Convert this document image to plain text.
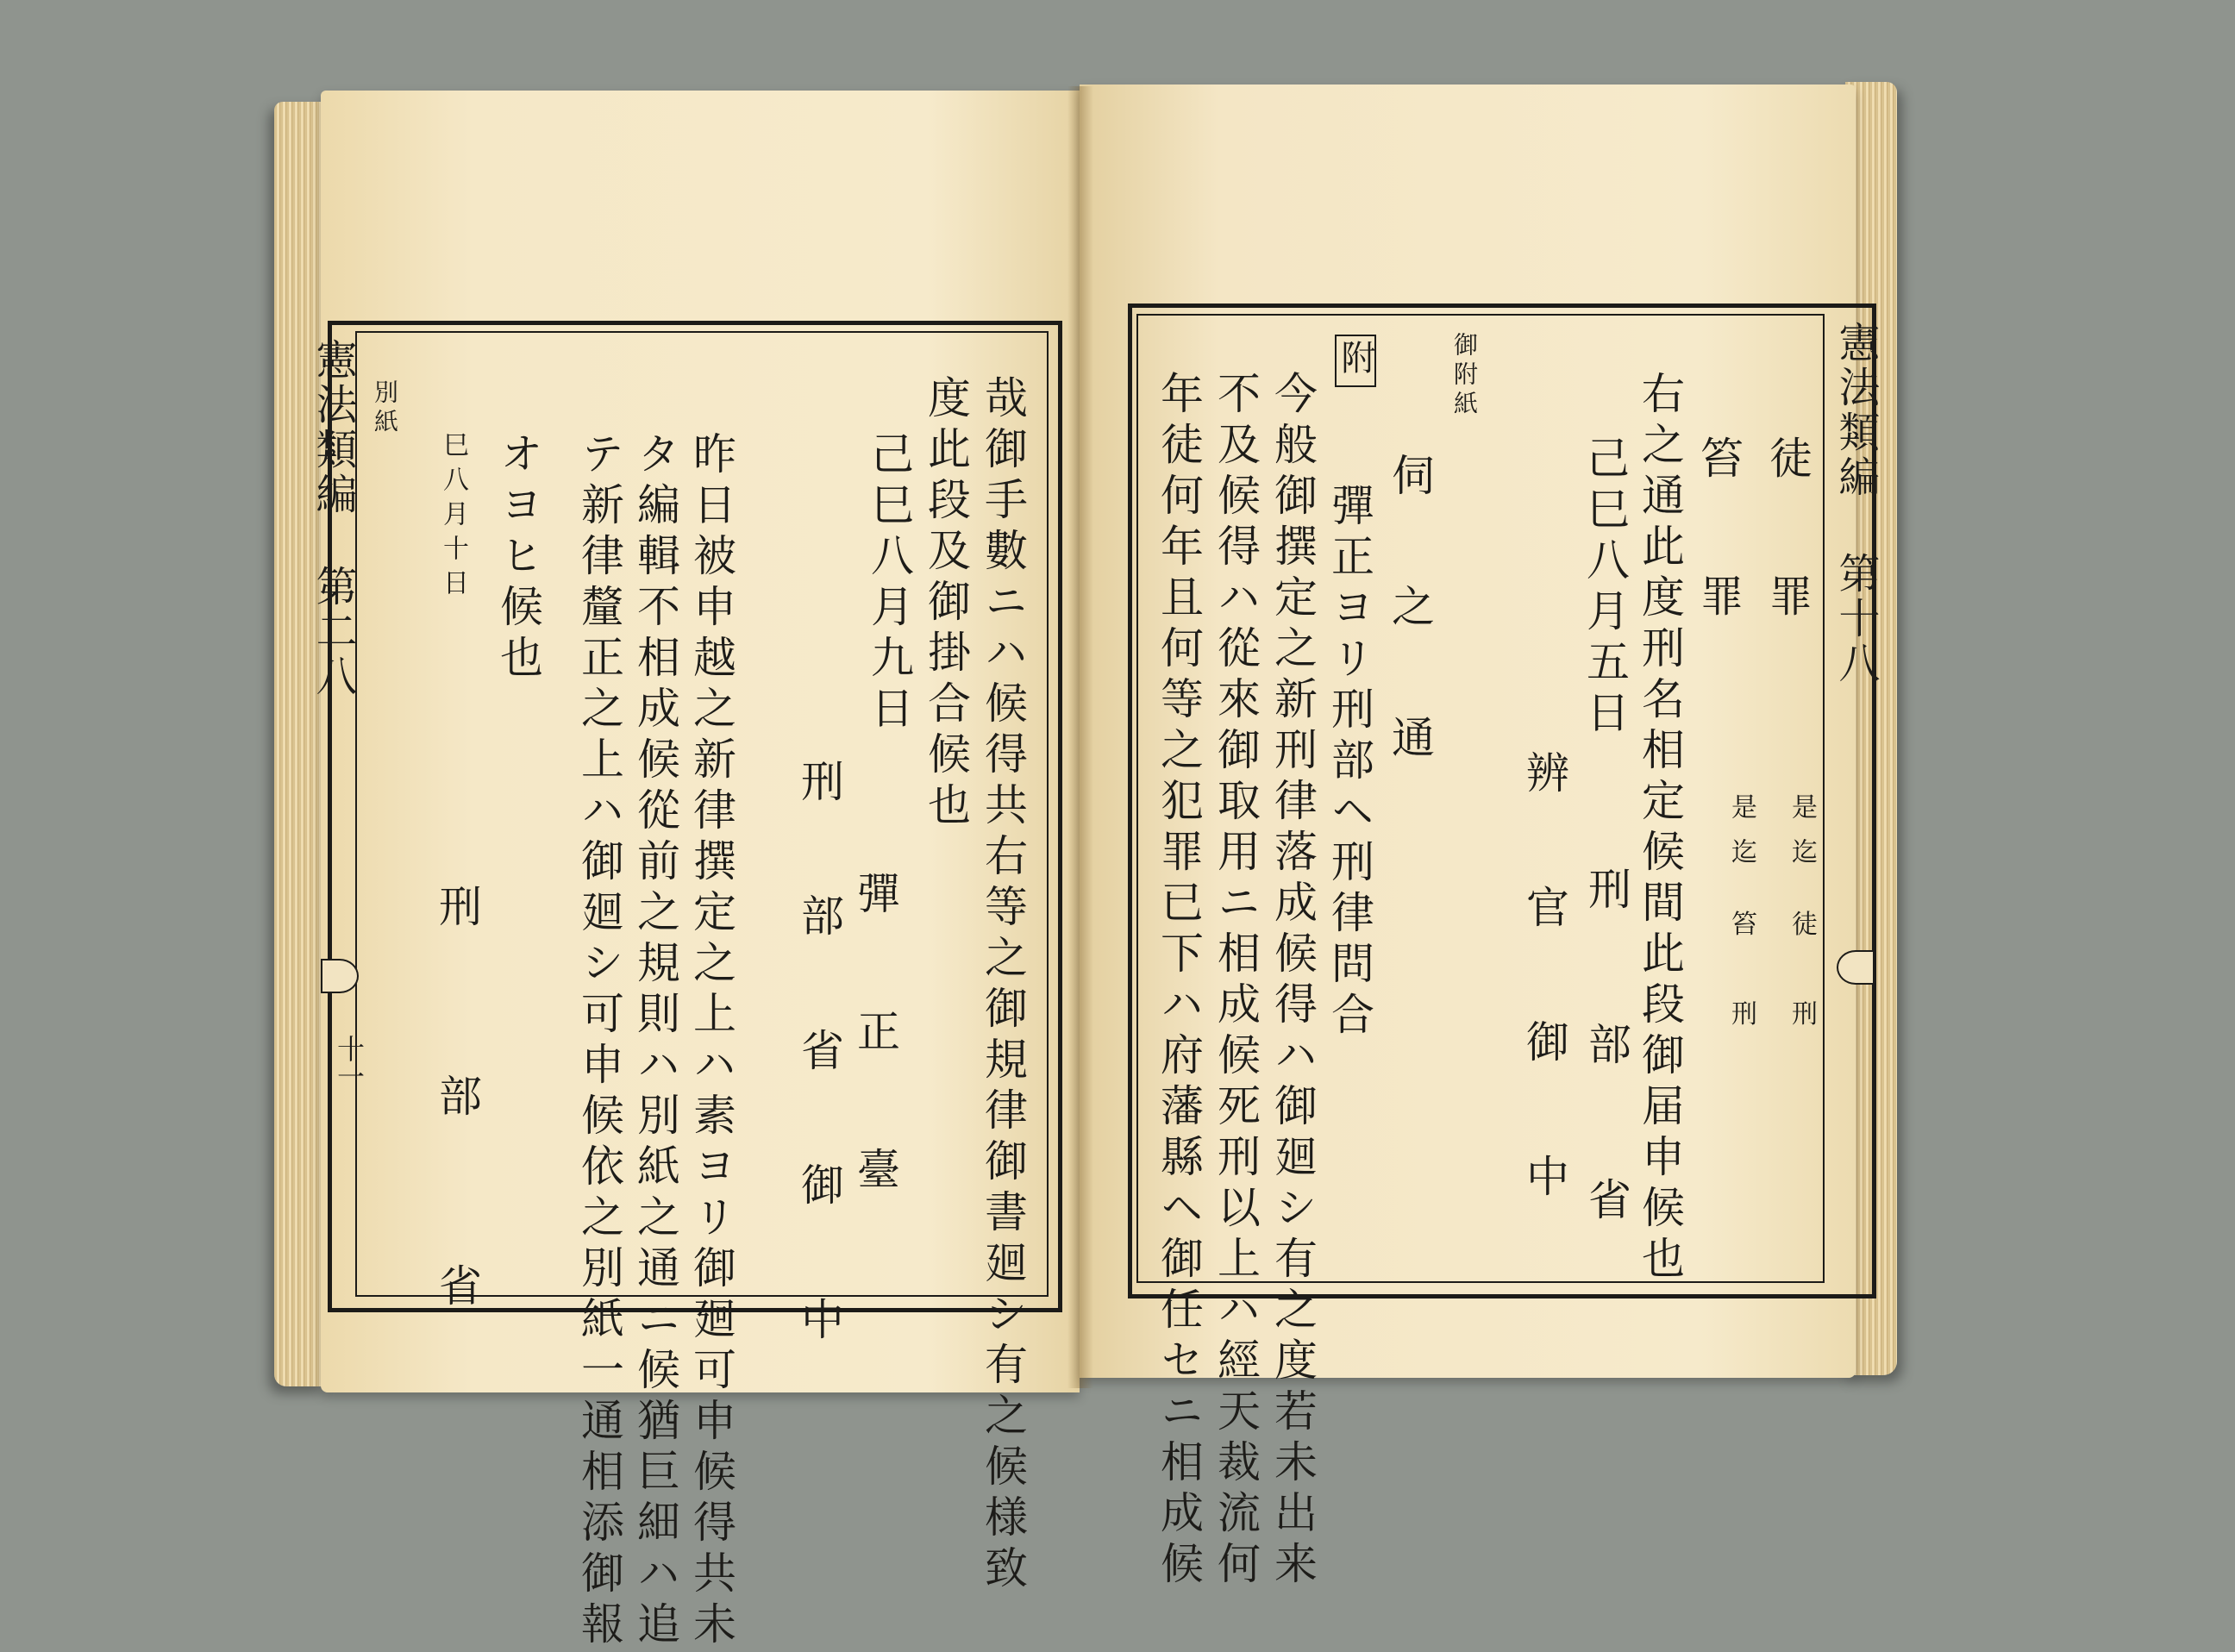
憲法類編
第二八
十一	哉御手數ニハ候得共右等之御規律御書廻シ有之候様致
度此段及御掛合候也
己巳八月九日
彈　正　臺
刑　部　省　御　中
昨日被申越之新律撰定之上ハ素ヨリ御廻可申候得共未
タ編輯不相成候從前之規則ハ別紙之通ニ候猶巨細ハ追
テ新律釐正之上ハ御廻シ可申候依之別紙一通相添御報
オヨヒ候也
巳八月十日
刑　部　省
別紙	憲法類編
第十八
徒　罪
笞　罪
是迄 徒　刑
是迄 笞　刑
右之通此度刑名相定候間此段御届申候也
己巳八月五日
辨　官　御　中 刑　部　省
御附紙
伺　之　通
附
彈正ヨリ刑部ヘ刑律問合
今般御撰定之新刑律落成候得ハ御廻シ有之度若未出来
不及候得ハ從來御取用ニ相成候死刑以上ハ經天裁流何
年徒何年且何等之犯罪已下ハ府藩縣ヘ御任セニ相成候
